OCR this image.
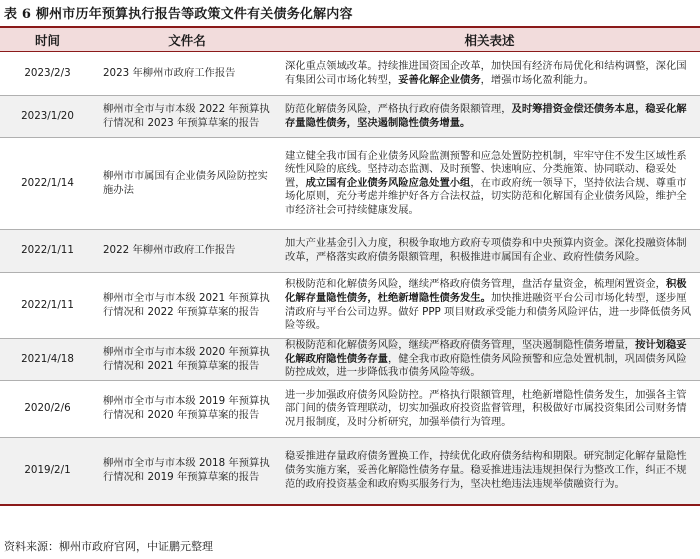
表 6 柳州市历年预算执行报告等政策文件有关债务化解内容
时间	文件名	相关表述
2023/2/3	2023 年柳州市政府工作报告	深化重点领域改革。持续推进国资国企改革，加快国有经济布局优化和结构调整，深化国有集团公司市场化转型，妥善化解企业债务，增强市场化盈利能力。
2023/1/20	柳州市全市与市本级 2022 年预算执行情况和 2023 年预算草案的报告	防范化解债务风险，严格执行政府债务限额管理，及时筹措资金偿还债务本息，稳妥化解存量隐性债务，坚决遏制隐性债务增量。
2022/1/14	柳州市市属国有企业债务风险防控实施办法	建立健全我市国有企业债务风险监测预警和应急处置防控机制，牢牢守住不发生区域性系统性风险的底线。坚持动态监测、及时预警、快速响应、分类施策、协同联动、稳妥处置，成立国有企业债务风险应急处置小组，在市政府统一领导下，坚持依法合规、尊重市场化原则，充分考虑并维护好各方合法权益，切实防范和化解国有企业债务风险，维护全市经济社会可持续健康发展。
2022/1/11	2022 年柳州市政府工作报告	加大产业基金引入力度，积极争取地方政府专项债券和中央预算内资金。深化投融资体制改革，严格落实政府债务限额管理，积极推进市属国有企业、政府性债务风险。
2022/1/11	柳州市全市与市本级 2021 年预算执行情况和 2022 年预算草案的报告	积极防范和化解债务风险，继续严格政府债务管理，盘活存量资金，梳理闲置资金，积极化解存量隐性债务，杜绝新增隐性债务发生。加快推进融资平台公司市场化转型，逐步厘清政府与平台公司边界。做好 PPP 项目财政承受能力和债务风险评估，进一步降低债务风险等级。
2021/4/18	柳州市全市与市本级 2020 年预算执行情况和 2021 年预算草案的报告	积极防范和化解债务风险，继续严格政府债务管理，坚决遏制隐性债务增量，按计划稳妥化解政府隐性债务存量，健全我市政府隐性债务风险预警和应急处置机制，巩固债务风险防控成效，进一步降低我市债务风险等级。
2020/2/6	柳州市全市与市本级 2019 年预算执行情况和 2020 年预算草案的报告	进一步加强政府债务风险防控。严格执行限额管理，杜绝新增隐性债务发生，加强各主管部门间的债务管理联动，切实加强政府投资监督管理，积极做好市属投资集团公司财务情况月报制度，及时分析研究，加强举债行为管理。
2019/2/1	柳州市全市与市本级 2018 年预算执行情况和 2019 年预算草案的报告	稳妥推进存量政府债务置换工作，持续优化政府债务结构和期限。研究制定化解存量隐性债务实施方案，妥善化解隐性债务存量。稳妥推进违法违规担保行为整改工作，纠正不规范的政府投资基金和政府购买服务行为，坚决杜绝违法违规举债融资行为。
资料来源：柳州市政府官网，中证鹏元整理
